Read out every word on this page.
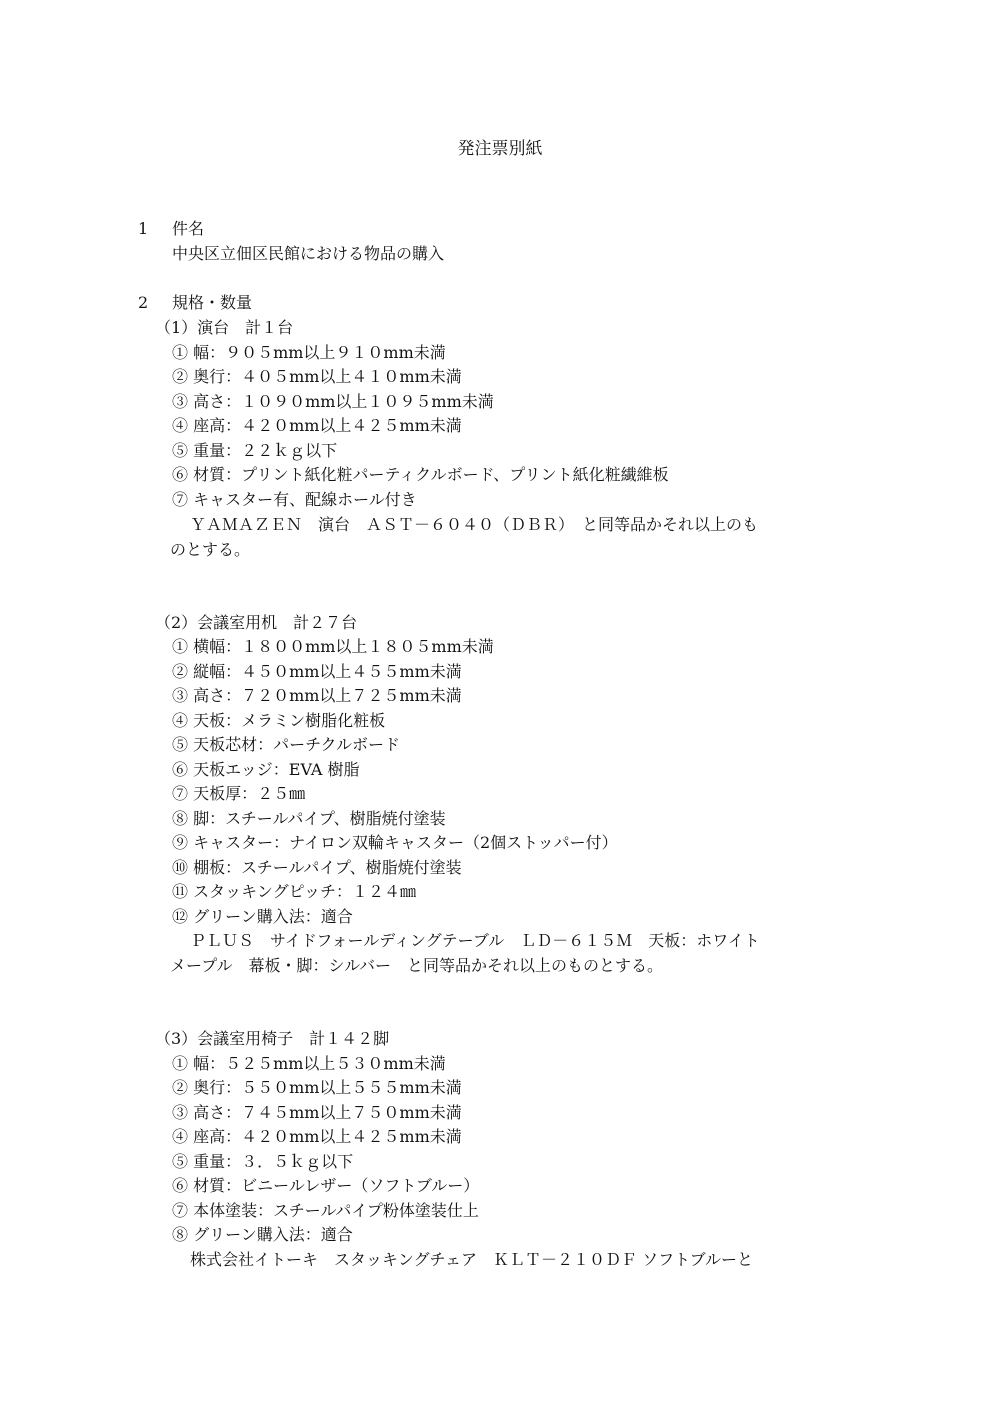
発注票別紙
1 件名
中央区立佃区民館における物品の購入
2 規格・数量
（1）演台　計１台
① 幅：９０５mm以上９１０mm未満
② 奥行：４０５mm以上４１０mm未満
③ 高さ：１０９０mm以上１０９５mm未満
④ 座高：４２０mm以上４２５mm未満
⑤ 重量：２２ｋｇ以下
⑥ 材質：プリント紙化粧パーティクルボード、プリント紙化粧繊維板
⑦ キャスター有、配線ホール付き
ＹＡＭＡＺＥＮ　演台　ＡＳＴ－６０４０（ＤＢＲ）　と同等品かそれ以上のも
のとする。
（2）会議室用机　計２７台
① 横幅：１８００mm以上１８０５mm未満
② 縦幅：４５０mm以上４５５mm未満
③ 高さ：７２０mm以上７２５mm未満
④ 天板：メラミン樹脂化粧板
⑤ 天板芯材：パーチクルボード
⑥ 天板エッジ：EVA 樹脂
⑦ 天板厚：２５㎜
⑧ 脚：スチールパイプ、樹脂焼付塗装
⑨ キャスター：ナイロン双輪キャスター（2個ストッパー付）
⑩ 棚板：スチールパイプ、樹脂焼付塗装
⑪ スタッキングピッチ：１２４㎜
⑫ グリーン購入法：適合
ＰＬＵＳ　サイドフォールディングテーブル　ＬＤ－６１５Ｍ　天板：ホワイト
メープル　幕板・脚：シルバー　と同等品かそれ以上のものとする。
（3）会議室用椅子　計１４２脚
① 幅：５２５mm以上５３０mm未満
② 奥行：５５０mm以上５５５mm未満
③ 高さ：７４５mm以上７５０mm未満
④ 座高：４２０mm以上４２５mm未満
⑤ 重量：３．５ｋｇ以下
⑥ 材質：ビニールレザー（ソフトブルー）
⑦ 本体塗装：スチールパイプ粉体塗装仕上
⑧ グリーン購入法：適合
株式会社イトーキ　スタッキングチェア　ＫＬＴ－２１０ＤＦ ソフトブルーと
